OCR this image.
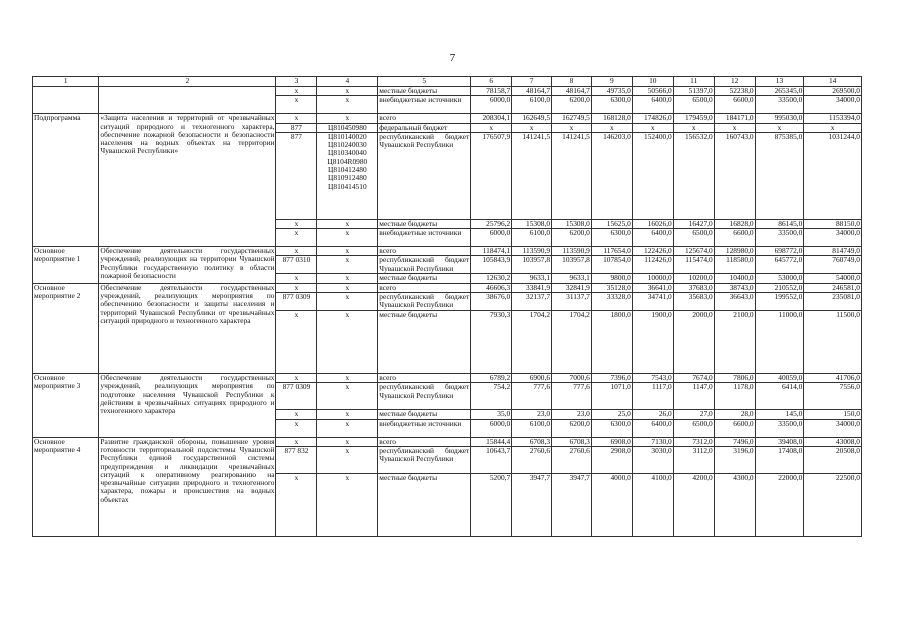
7
1	2	3	4	5	6	7	8	9	10	11	12	13	14
		х	х	местные бюджеты	78158,7	48164,7	48164,7	49735,0	50566,0	51397,0	52238,0	265345,0	269500,0
		х	х	внебюджетные источники	6000,0	6100,0	6200,0	6300,0	6400,0	6500,0	6600,0	33500,0	34000,0
Подпрограмма	«Защита населения и территорий от чрезвычайных ситуаций природного и техногенного характера, обеспечение пожарной безопасности и безопасности населения на водных объектах на территории Чувашской Республики»	х	х	всего	208304,1	162649,5	162749,5	168128,0	174826,0	179459,0	184171,0	995030,0	1153394,0
		877	Ц810450980	федеральный бюджет	х	х	х	х	х	х	х	х	х
		877	Ц810140020 Ц810240030 Ц810340040 Ц8104R0980 Ц810412480 Ц810912480 Ц810414510	республиканский бюджет Чувашской Республики	176507,9	141241,5	141241,5	146203,0	152400,0	156532,0	160743,0	875385,0	1031244,0
		х	х	местные бюджеты	25796,2	15308,0	15308,0	15625,0	16026,0	16427,0	16828,0	86145,0	88150,0
		х	х	внебюджетные источники	6000,0	6100,0	6200,0	6300,0	6400,0	6500,0	6600,0	33500,0	34000,0
Основное мероприятие 1	Обеспечение деятельности государственных учреждений, реализующих на территории Чувашской Республики государственную политику в области пожарной безопасности	х	х	всего	118474,1	113590,9	113590,9	117654,0	122426,0	125674,0	128980,0	698772,0	814749,0
		877 0310	х	республиканский бюджет Чувашской Республики	105843,9	103957,8	103957,8	107854,0	112426,0	115474,0	118580,0	645772,0	760749,0
		х	х	местные бюджеты	12630,2	9633,1	9633,1	9800,0	10000,0	10200,0	10400,0	53000,0	54000,0
Основное мероприятие 2	Обеспечение деятельности государственных учреждений, реализующих мероприятия по обеспечению безопасности и защиты населения и территорий Чувашской Республики от чрезвычайных ситуаций природного и техногенного характера	х	х	всего	46606,3	33841,9	32841,9	35128,0	36641,0	37683,0	38743,0	210552,0	246581,0
		877 0309	х	республиканский бюджет Чувашской Республики	38676,0	32137,7	31137,7	33328,0	34741,0	35683,0	36643,0	199552,0	235081,0
		х	х	местные бюджеты	7930,3	1704,2	1704,2	1800,0	1900,0	2000,0	2100,0	11000,0	11500,0
Основное мероприятие 3	Обеспечение деятельности государственных учреждений, реализующих мероприятия по подготовке населения Чувашской Республики к действиям в чрезвычайных ситуациях природного и техногенного характера	х	х	всего	6789,2	6900,6	7000,6	7396,0	7543,0	7674,0	7806,0	40059,0	41706,0
		877 0309	х	республиканский бюджет Чувашской Республики	754,2	777,6	777,6	1071,0	1117,0	1147,0	1178,0	6414,0	7556,0
		х	х	местные бюджеты	35,0	23,0	23,0	25,0	26,0	27,0	28,0	145,0	150,0
		х	х	внебюджетные источники	6000,0	6100,0	6200,0	6300,0	6400,0	6500,0	6600,0	33500,0	34000,0
Основное мероприятие 4	Развитие гражданской обороны, повышение уровня готовности территориальной подсистемы Чувашской Республики единой государственной системы предупреждения и ликвидации чрезвычайных ситуаций к оперативному реагированию на чрезвычайные ситуации природного и техногенного характера, пожары и происшествия на водных объектах	х	х	всего	15844,4	6708,3	6708,3	6908,0	7130,0	7312,0	7496,0	39408,0	43008,0
		877 832	х	республиканский бюджет Чувашской Республики	10643,7	2760,6	2760,6	2908,0	3030,0	3112,0	3196,0	17408,0	20508,0
		х	х	местные бюджеты	5200,7	3947,7	3947,7	4000,0	4100,0	4200,0	4300,0	22000,0	22500,0
